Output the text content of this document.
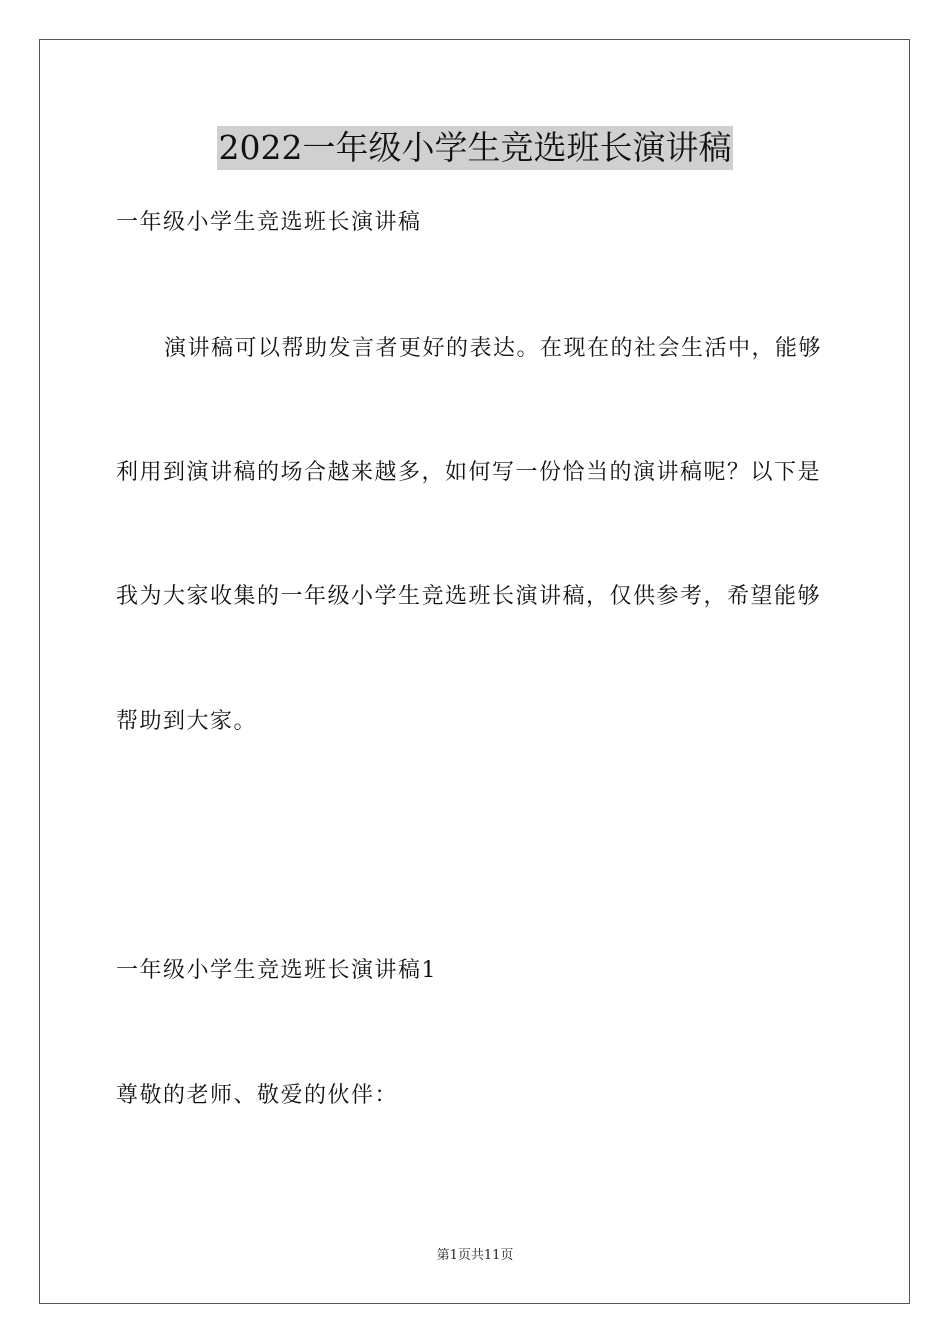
2022一年级小学生竞选班长演讲稿
一年级小学生竞选班长演讲稿
演讲稿可以帮助发言者更好的表达。在现在的社会生活中，能够
利用到演讲稿的场合越来越多，如何写一份恰当的演讲稿呢？以下是
我为大家收集的一年级小学生竞选班长演讲稿，仅供参考，希望能够
帮助到大家。
一年级小学生竞选班长演讲稿1
尊敬的老师、敬爱的伙伴：
第1页共11页
